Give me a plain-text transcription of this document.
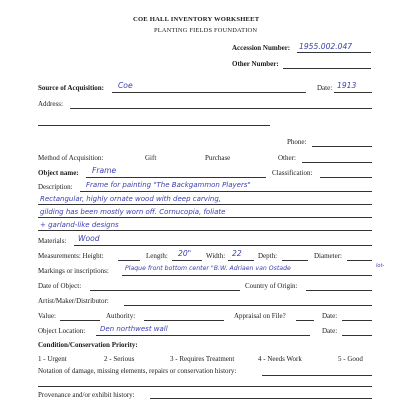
COE HALL INVENTORY WORKSHEET
PLANTING FIELDS FOUNDATION
Accession Number: 1955.002.047
Other Number:
Source of Acquisition: Coe	Date: 1913
Address:
Phone:
Method of Acquisition:	Gift	Purchase	Other:
Object name: Frame	Classification:
Description: Frame for painting "The Backgammon Players"
Rectangular, highly ornate wood with deep carving,
gilding has been mostly worn off. Cornucopia, foliate
+ garland-like designs
Materials: Wood
Measurements: Height:	Length: 20" Width: 22 Depth:	Diameter:
Markings or inscriptions:	Plaque front bottom center "B.W. Adriaen van Ostade	lot-
Date of Object:	Country of Origin:
Artist/Maker/Distributor:
Value:	Authority:	Appraisal on File?	Date:
Object Location: Den northwest wall	Date:
Condition/Conservation Priority:
1 - Urgent	2 - Serious	3 - Requires Treatment	4 - Needs Work	5 - Good
Notation of damage, missing elements, repairs or conservation history:
Provenance and/or exhibit history:
